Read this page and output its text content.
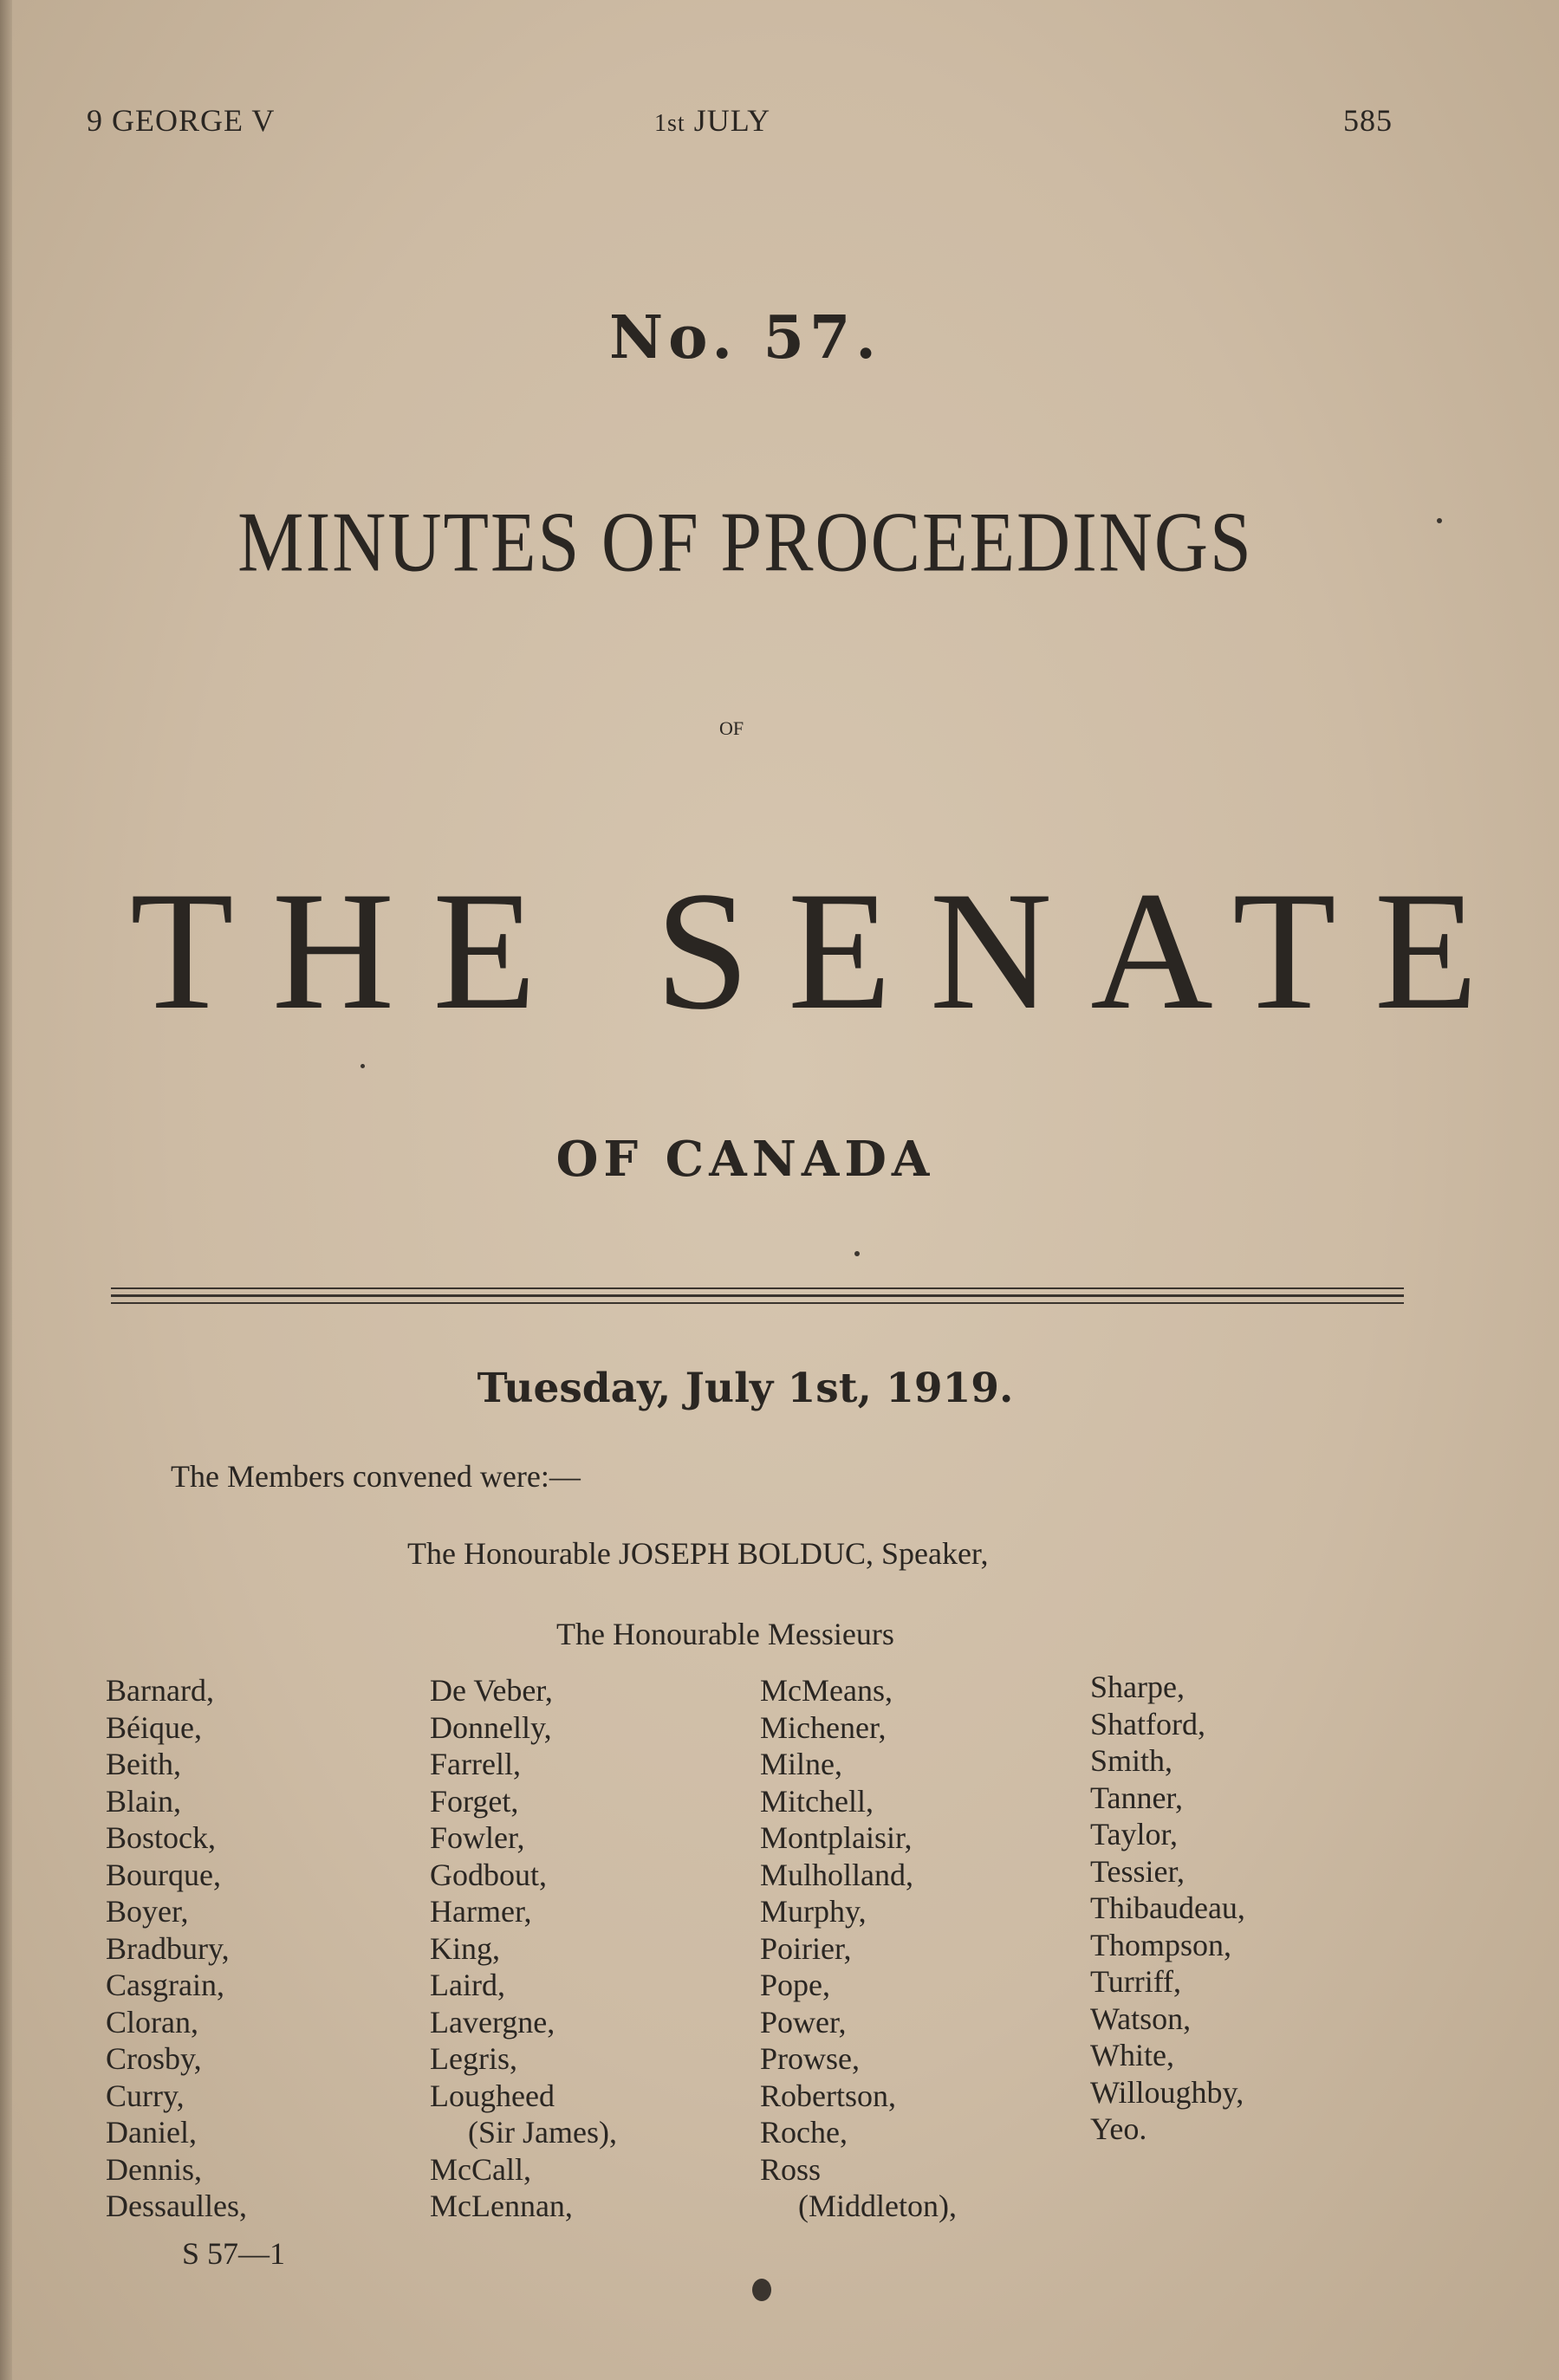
9 GEORGE V	1st JULY	585
No. 57.
MINUTES OF PROCEEDINGS
OF
THE SENATE
OF CANADA
Tuesday, July 1st, 1919.
The Members convened were:—
The Honourable JOSEPH BOLDUC, Speaker,
The Honourable Messieurs
Barnard,
Béique,
Beith,
Blain,
Bostock,
Bourque,
Boyer,
Bradbury,
Casgrain,
Cloran,
Crosby,
Curry,
Daniel,
Dennis,
Dessaulles,
De Veber,
Donnelly,
Farrell,
Forget,
Fowler,
Godbout,
Harmer,
King,
Laird,
Lavergne,
Legris,
Lougheed
(Sir James),
McCall,
McLennan,
McMeans,
Michener,
Milne,
Mitchell,
Montplaisir,
Mulholland,
Murphy,
Poirier,
Pope,
Power,
Prowse,
Robertson,
Roche,
Ross
(Middleton),
Sharpe,
Shatford,
Smith,
Tanner,
Taylor,
Tessier,
Thibaudeau,
Thompson,
Turriff,
Watson,
White,
Willoughby,
Yeo.
S 57—1
